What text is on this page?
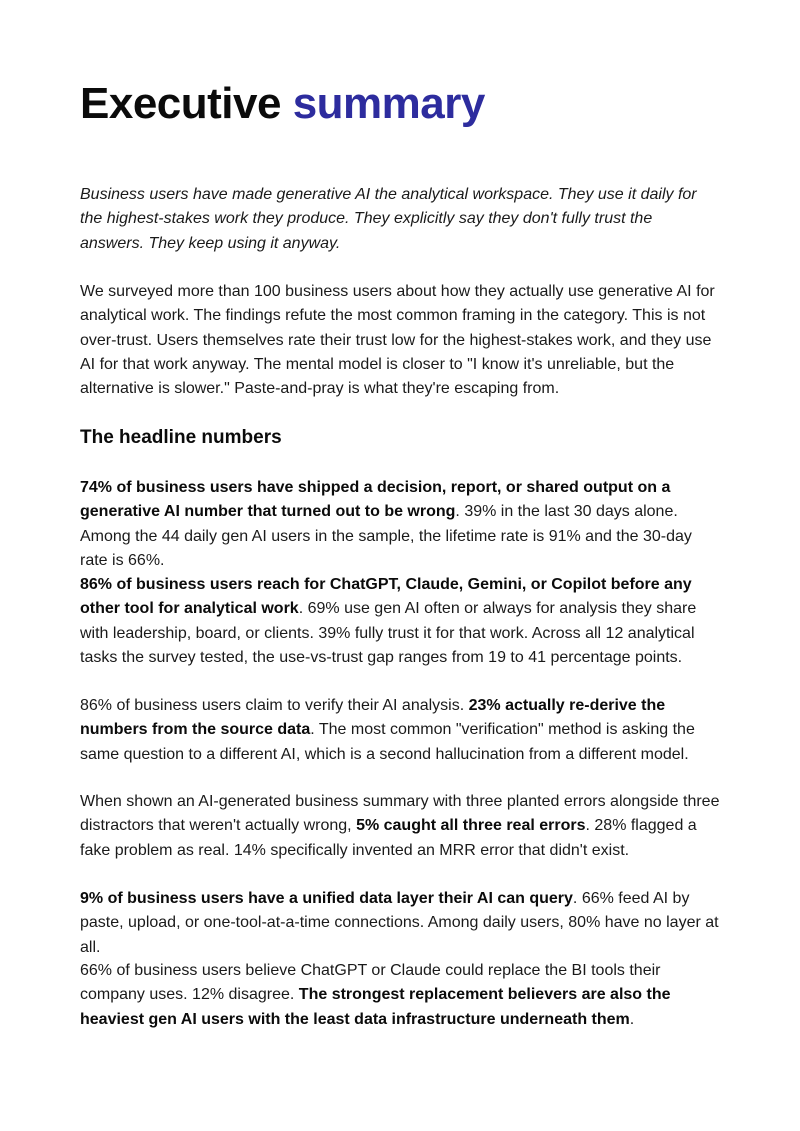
Executive summary

Business users have made generative AI the analytical workspace. They use it daily for the highest-stakes work they produce. They explicitly say they don't fully trust the answers. They keep using it anyway.

We surveyed more than 100 business users about how they actually use generative AI for analytical work. The findings refute the most common framing in the category. This is not over-trust. Users themselves rate their trust low for the highest-stakes work, and they use AI for that work anyway. The mental model is closer to "I know it's unreliable, but the alternative is slower." Paste-and-pray is what they're escaping from.

The headline numbers

74% of business users have shipped a decision, report, or shared output on a generative AI number that turned out to be wrong. 39% in the last 30 days alone. Among the 44 daily gen AI users in the sample, the lifetime rate is 91% and the 30-day rate is 66%.

86% of business users reach for ChatGPT, Claude, Gemini, or Copilot before any other tool for analytical work. 69% use gen AI often or always for analysis they share with leadership, board, or clients. 39% fully trust it for that work. Across all 12 analytical tasks the survey tested, the use-vs-trust gap ranges from 19 to 41 percentage points.

86% of business users claim to verify their AI analysis. 23% actually re-derive the numbers from the source data. The most common "verification" method is asking the same question to a different AI, which is a second hallucination from a different model.

When shown an AI-generated business summary with three planted errors alongside three distractors that weren't actually wrong, 5% caught all three real errors. 28% flagged a fake problem as real. 14% specifically invented an MRR error that didn't exist.

9% of business users have a unified data layer their AI can query. 66% feed AI by paste, upload, or one-tool-at-a-time connections. Among daily users, 80% have no layer at all.

66% of business users believe ChatGPT or Claude could replace the BI tools their company uses. 12% disagree. The strongest replacement believers are also the heaviest gen AI users with the least data infrastructure underneath them.
